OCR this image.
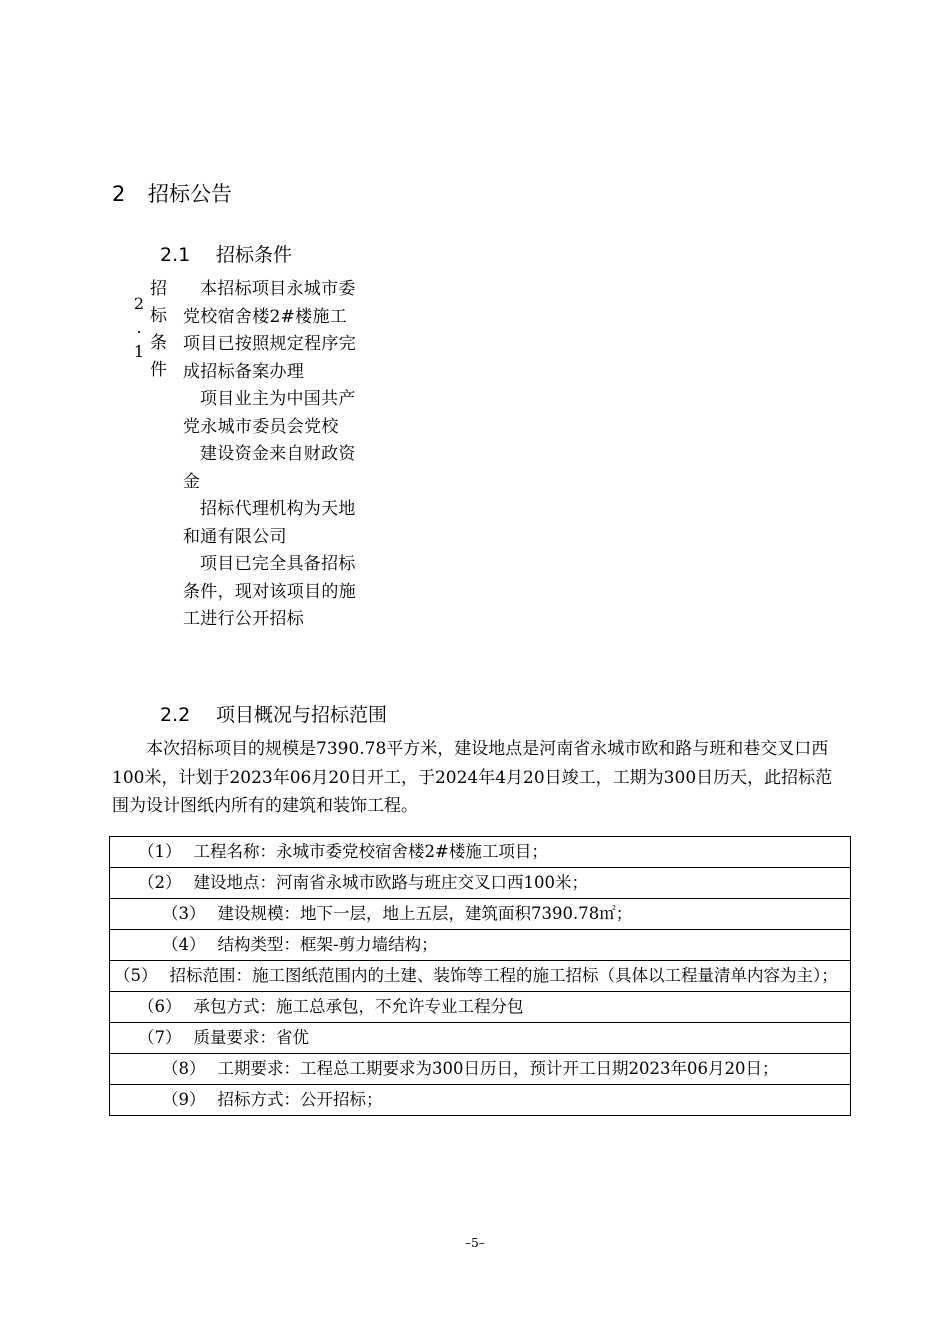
2 招标公告
2.1 招标条件
2
.
1
招
标
条
件

本招标项目永城市委党校宿舍楼2#楼施工项目已按照规定程序完成招标备案办理

项目业主为中国共产党永城市委员会党校

建设资金来自财政资金

招标代理机构为天地和通有限公司

项目已完全具备招标条件，现对该项目的施工进行公开招标

2.2 项目概况与招标范围

本次招标项目的规模是7390.78平方米，建设地点是河南省永城市欧和路与班和巷交叉口西100米，计划于2023年06月20日开工，于2024年4月20日竣工，工期为300日历天，此招标范围为设计图纸内所有的建筑和装饰工程。

（1） 工程名称：永城市委党校宿舍楼2#楼施工项目；
（2） 建设地点：河南省永城市欧路与班庄交叉口西100米；
（3） 建设规模：地下一层，地上五层，建筑面积7390.78㎡；
（4） 结构类型：框架-剪力墙结构；
（5） 招标范围：施工图纸范围内的土建、装饰等工程的施工招标（具体以工程量清单内容为主）；
（6） 承包方式：施工总承包，不允许专业工程分包
（7） 质量要求：省优
（8） 工期要求：工程总工期要求为300日历日，预计开工日期2023年06月20日；
（9） 招标方式：公开招标；
–5–
